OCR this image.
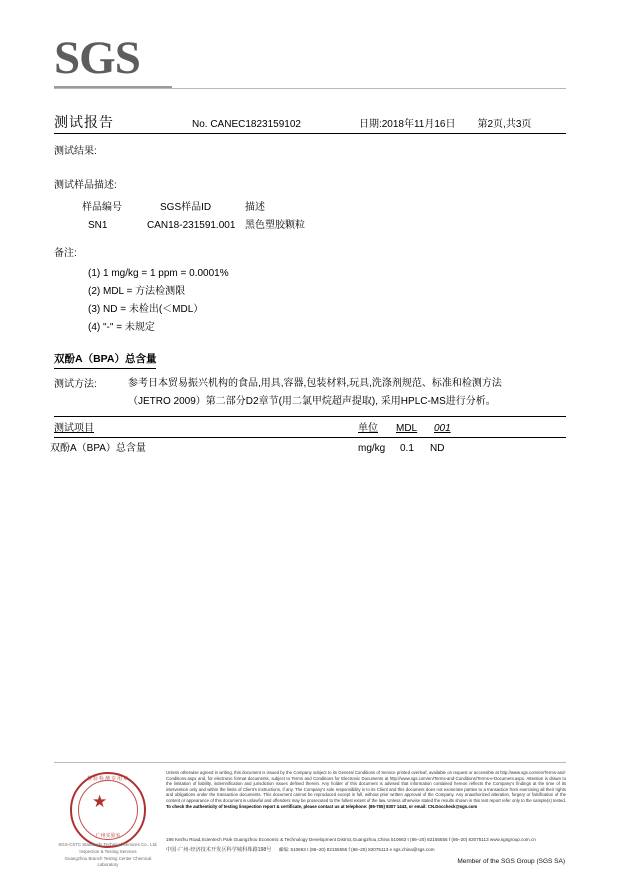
SGS
测试报告	No. CANEC1823159102	日期:2018年11月16日 第2页,共3页
测试结果:
测试样品描述:
样品编号	SGS样品ID	描述
SN1	CAN18-231591.001 黑色塑胶颗粒
备注:
(1) 1 mg/kg = 1 ppm = 0.0001%
(2) MDL = 方法检测限
(3) ND = 未检出(＜MDL）
(4) "-" = 未规定
双酚A（BPA）总含量
测试方法:	参考日本贸易振兴机构的食品,用具,容器,包装材料,玩具,洗涤剂规范、标准和检测方法（JETRO 2009）第二部分D2章节(用二氯甲烷超声提取), 采用HPLC-MS进行分析。
测试项目	单位 MDL 001
双酚A（BPA）总含量	mg/kg 0.1 ND
检验检测专用章
广州实验室
SGS-CSTC Standards Technical Services Co., Ltd.
Inspection & Testing Services
Guangzhou Branch Testing Center Chemical Laboratory
Unless otherwise agreed in writing, this document is issued by the Company subject to its General Conditions of Service printed overleaf, available on request or accessible at http://www.sgs.com/en/Terms-and-Conditions.aspx and, for electronic format documents, subject to Terms and Conditions for Electronic Documents at http://www.sgs.com/en/Terms-and-Conditions/Terms-e-Document.aspx. Attention is drawn to the limitation of liability, indemnification and jurisdiction issues defined therein. Any holder of this document is advised that information contained hereon reflects the Company's findings at the time of its intervention only and within the limits of Client's instructions, if any. The Company's sole responsibility is to its Client and this document does not exonerate parties to a transaction from exercising all their rights and obligations under the transaction documents. This document cannot be reproduced except in full, without prior written approval of the Company. Any unauthorized alteration, forgery or falsification of the content or appearance of this document is unlawful and offenders may be prosecuted to the fullest extent of the law. Unless otherwise stated the results shown in this test report refer only to the sample(s) tested. To check the authenticity of testing /inspection report & certificate, please contact us at telephone: (86-755) 8307 1443, or email: CN.Doccheck@sgs.com
198 Kezhu Road,Scientech Park Guangzhou Economic & Technology Development District,Guangzhou,China 510663 t (86–20) 82155555 f (86–20) 82075113 www.sgsgroup.com.cn
中国·广州·经济技术开发区科学城科珠路198号 邮编: 510663 t (86–20) 82155555 f (86–20) 82075113 e sgs.china@sgs.com
Member of the SGS Group (SGS SA)
